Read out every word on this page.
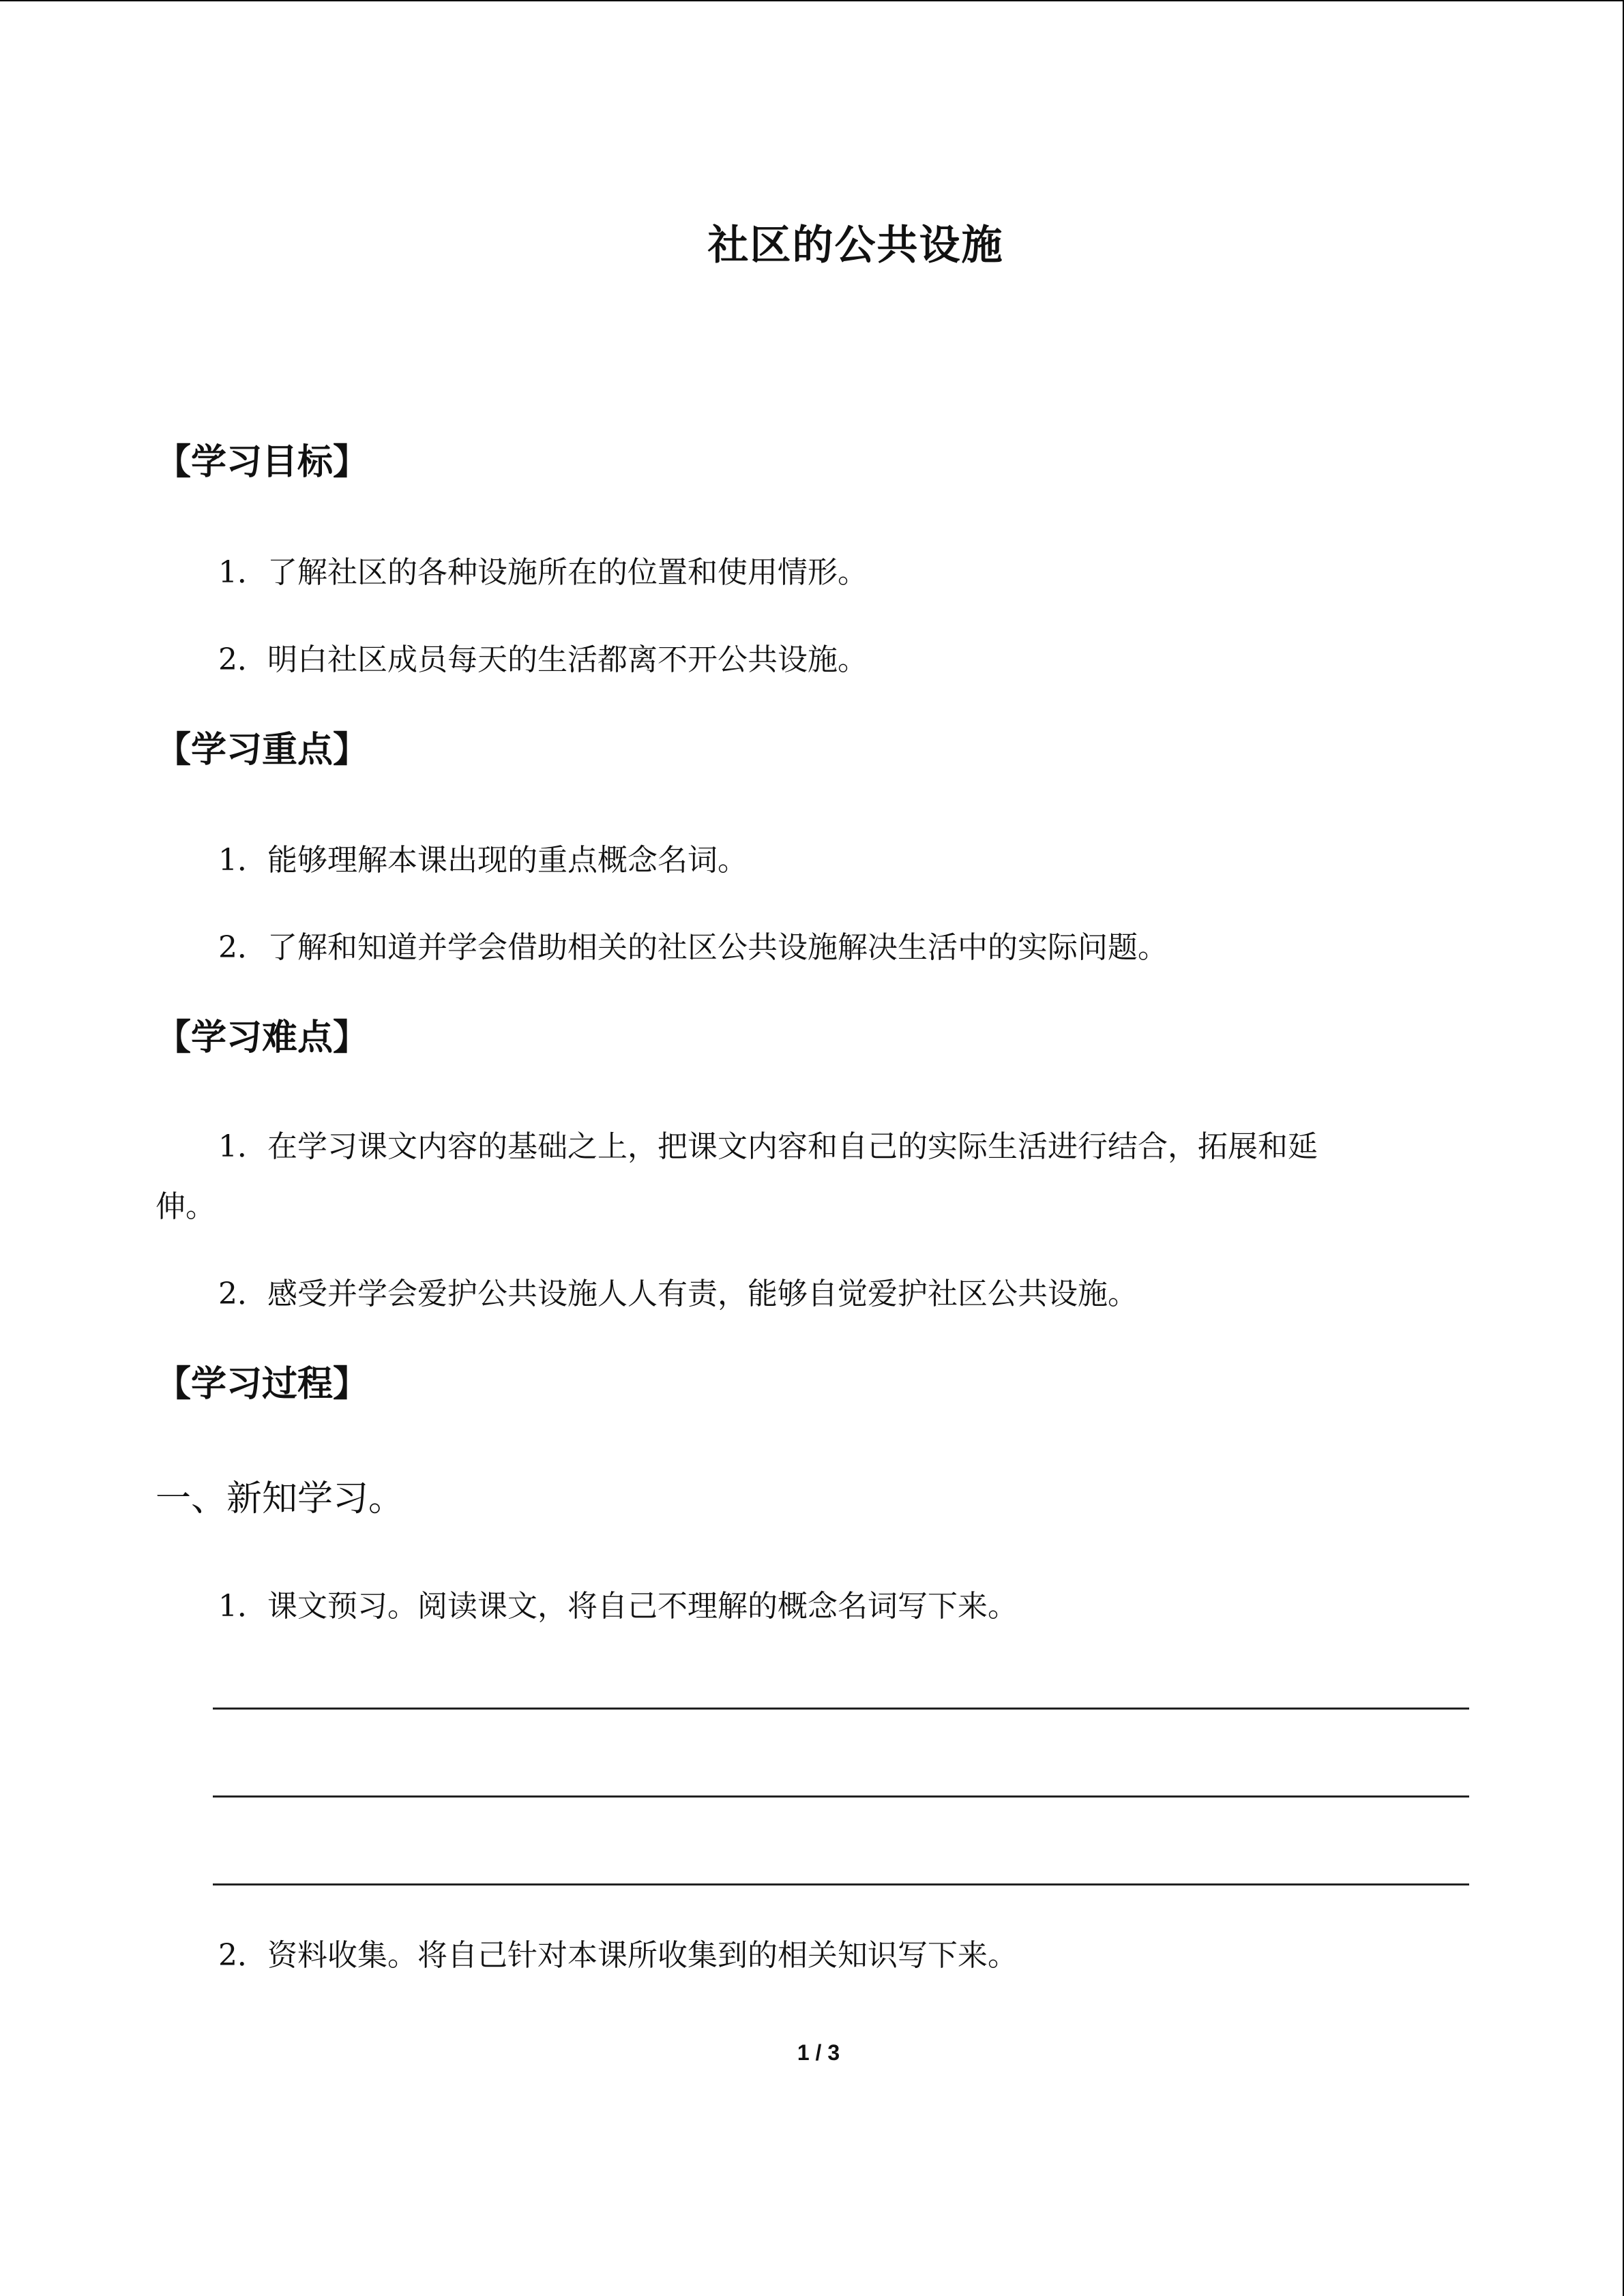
社区的公共设施
【学习目标】
1．了解社区的各种设施所在的位置和使用情形。
2．明白社区成员每天的生活都离不开公共设施。
【学习重点】
1．能够理解本课出现的重点概念名词。
2．了解和知道并学会借助相关的社区公共设施解决生活中的实际问题。
【学习难点】
1．在学习课文内容的基础之上，把课文内容和自己的实际生活进行结合，拓展和延
伸。
2．感受并学会爱护公共设施人人有责，能够自觉爱护社区公共设施。
【学习过程】
一、新知学习。
1．课文预习。阅读课文，将自己不理解的概念名词写下来。
2．资料收集。将自己针对本课所收集到的相关知识写下来。
1 / 3
